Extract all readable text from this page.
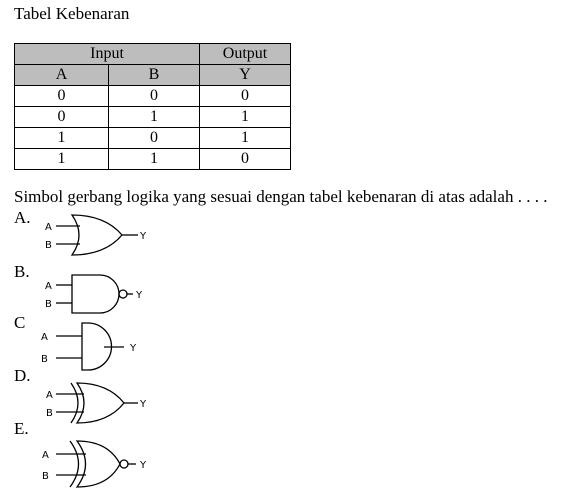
Tabel Kebenaran
Input		Output
A	B	Y
0	0	0
0	1	1
1	0	1
1	1	0
Simbol gerbang logika yang sesuai dengan tabel kebenaran di atas adalah . . . .
A.
B.
C
D.
E.
A
B
Y
A
B
Y
A
B
Y
A
B
Y
A
B
Y
